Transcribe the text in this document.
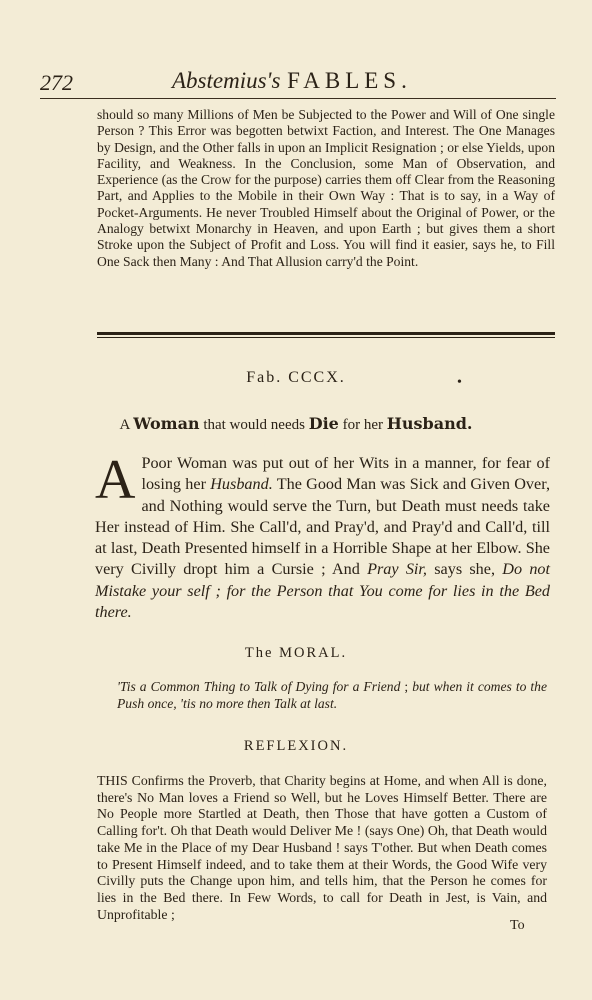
272	Abstemius's FABLES.
should so many Millions of Men be Subjected to the Power and Will of One single Person ? This Error was begotten betwixt Faction, and Interest. The One Manages by Design, and the Other falls in upon an Implicit Resignation ; or else Yields, upon Facility, and Weakness. In the Conclusion, some Man of Observation, and Experience (as the Crow for the purpose) carries them off Clear from the Reasoning Part, and Applies to the Mobile in their Own Way : That is to say, in a Way of Pocket-Arguments. He never Troubled Himself about the Original of Power, or the Analogy betwixt Monarchy in Heaven, and upon Earth ; but gives them a short Stroke upon the Subject of Profit and Loss. You will find it easier, says he, to Fill One Sack then Many : And That Allusion carry'd the Point.
Fab. CCCX.	•
A Woman that would needs Die for her Husband.
A Poor Woman was put out of her Wits in a manner, for fear of losing her Husband. The Good Man was Sick and Given Over, and Nothing would serve the Turn, but Death must needs take Her instead of Him. She Call'd, and Pray'd, and Pray'd and Call'd, till at last, Death Presented himself in a Horrible Shape at her Elbow. She very Civilly dropt him a Cursie ; And Pray Sir, says she, Do not Mistake your self ; for the Person that You come for lies in the Bed there.
The MORAL.
'Tis a Common Thing to Talk of Dying for a Friend ; but when it comes to the Push once, 'tis no more then Talk at last.
REFLEXION.
THIS Confirms the Proverb, that Charity begins at Home, and when All is done, there's No Man loves a Friend so Well, but he Loves Himself Better. There are No People more Startled at Death, then Those that have gotten a Custom of Calling for't. Oh that Death would Deliver Me ! (says One) Oh, that Death would take Me in the Place of my Dear Husband ! says T'other. But when Death comes to Present Himself indeed, and to take them at their Words, the Good Wife very Civilly puts the Change upon him, and tells him, that the Person he comes for lies in the Bed there. In Few Words, to call for Death in Jest, is Vain, and Unprofitable ;
To
